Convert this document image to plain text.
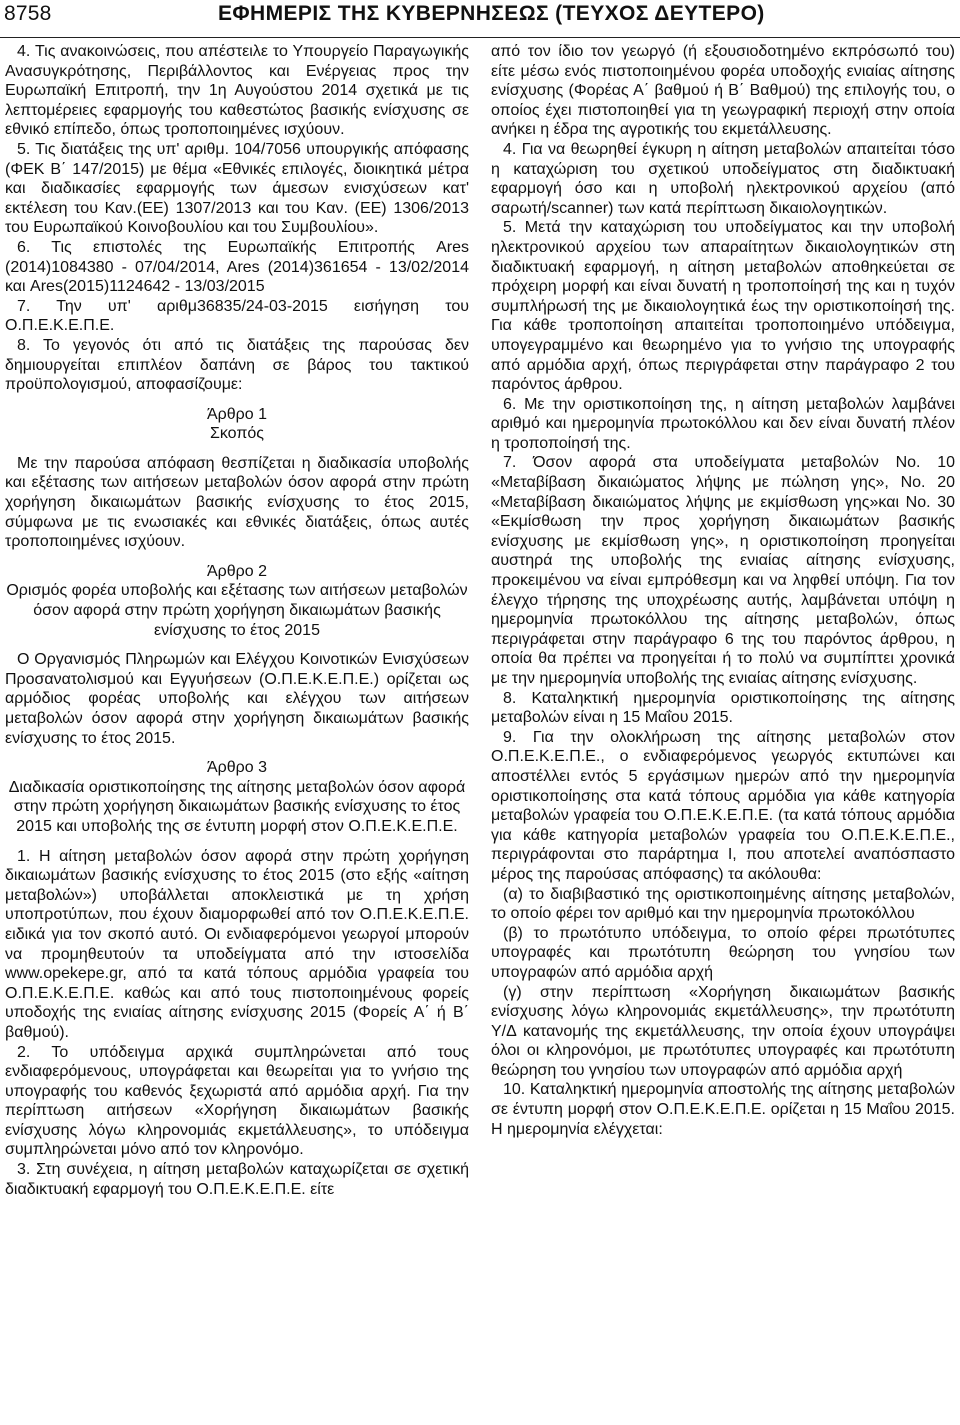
8758	ΕΦΗΜΕΡΙΣ ΤΗΣ ΚΥΒΕΡΝΗΣΕΩΣ (ΤΕΥΧΟΣ ΔΕΥΤΕΡΟ)

4. Τις ανακοινώσεις, που απέστειλε το Υπουργείο Παραγωγικής Ανασυγκρότησης, Περιβάλλοντος και Ενέργειας προς την Ευρωπαϊκή Επιτροπή, την 1η Αυγούστου 2014 σχετικά με τις λεπτομέρειες εφαρμογής του καθεστώτος βασικής ενίσχυσης σε εθνικό επίπεδο, όπως τροποποιημένες ισχύουν.

5. Τις διατάξεις της υπ' αριθμ. 104/7056 υπουργικής απόφασης (ΦΕΚ Β΄ 147/2015) με θέμα «Εθνικές επιλογές, διοικητικά μέτρα και διαδικασίες εφαρμογής των άμεσων ενισχύσεων κατ' εκτέλεση του Καν.(ΕΕ) 1307/2013 και του Καν. (ΕΕ) 1306/2013 του Ευρωπαϊκού Κοινοβουλίου και του Συμβουλίου».

6. Τις επιστολές της Ευρωπαϊκής Επιτροπής Ares (2014)1084380 - 07/04/2014, Ares (2014)361654 - 13/02/2014 και Ares(2015)1124642 - 13/03/2015

7. Την υπ' αριθμ36835/24-03-2015 εισήγηση του Ο.Π.Ε.Κ.Ε.Π.Ε.

8. Το γεγονός ότι από τις διατάξεις της παρούσας δεν δημιουργείται επιπλέον δαπάνη σε βάρος του τακτικού προϋπολογισμού, αποφασίζουμε:

Άρθρο 1

Σκοπός

Με την παρούσα απόφαση θεσπίζεται η διαδικασία υποβολής και εξέτασης των αιτήσεων μεταβολών όσον αφορά στην πρώτη χορήγηση δικαιωμάτων βασικής ενίσχυσης το έτος 2015, σύμφωνα με τις ενωσιακές και εθνικές διατάξεις, όπως αυτές τροποποιημένες ισχύουν.

Άρθρο 2

Ορισμός φορέα υποβολής και εξέτασης των αιτήσεων μεταβολών όσον αφορά στην πρώτη χορήγηση δικαιωμάτων βασικής ενίσχυσης το έτος 2015

Ο Οργανισμός Πληρωμών και Ελέγχου Κοινοτικών Ενισχύσεων Προσανατολισμού και Εγγυήσεων (Ο.Π.Ε.Κ.Ε.Π.Ε.) ορίζεται ως αρμόδιος φορέας υποβολής και ελέγχου των αιτήσεων μεταβολών όσον αφορά στην χορήγηση δικαιωμάτων βασικής ενίσχυσης το έτος 2015.

Άρθρο 3

Διαδικασία οριστικοποίησης της αίτησης μεταβολών όσον αφορά στην πρώτη χορήγηση δικαιωμάτων βασικής ενίσχυσης το έτος 2015 και υποβολής της σε έντυπη μορφή στον Ο.Π.Ε.Κ.Ε.Π.Ε.

1. Η αίτηση μεταβολών όσον αφορά στην πρώτη χορήγηση δικαιωμάτων βασικής ενίσχυσης το έτος 2015 (στο εξής «αίτηση μεταβολών») υποβάλλεται αποκλειστικά με τη χρήση υποπροτύπων, που έχουν διαμορφωθεί από τον Ο.Π.Ε.Κ.Ε.Π.Ε. ειδικά για τον σκοπό αυτό. Οι ενδιαφερόμενοι γεωργοί μπορούν να προμηθευτούν τα υποδείγματα από την ιστοσελίδα www.opekepe.gr, από τα κατά τόπους αρμόδια γραφεία του Ο.Π.Ε.Κ.Ε.Π.Ε. καθώς και από τους πιστοποιημένους φορείς υποδοχής της ενιαίας αίτησης ενίσχυσης 2015 (Φορείς Α΄ ή Β΄ βαθμού).

2. Το υπόδειγμα αρχικά συμπληρώνεται από τους ενδιαφερόμενους, υπογράφεται και θεωρείται για το γνήσιο της υπογραφής του καθενός ξεχωριστά από αρμόδια αρχή. Για την περίπτωση αιτήσεων «Χορήγηση δικαιωμάτων βασικής ενίσχυσης λόγω κληρονομιάς εκμετάλλευσης», το υπόδειγμα συμπληρώνεται μόνο από τον κληρονόμο.

3. Στη συνέχεια, η αίτηση μεταβολών καταχωρίζεται σε σχετική διαδικτυακή εφαρμογή του Ο.Π.Ε.Κ.Ε.Π.Ε. είτε

από τον ίδιο τον γεωργό (ή εξουσιοδοτημένο εκπρόσωπό του) είτε μέσω ενός πιστοποιημένου φορέα υποδοχής ενιαίας αίτησης ενίσχυσης (Φορέας Α΄ βαθμού ή Β΄ Βαθμού) της επιλογής του, ο οποίος έχει πιστοποιηθεί για τη γεωγραφική περιοχή στην οποία ανήκει η έδρα της αγροτικής του εκμετάλλευσης.

4. Για να θεωρηθεί έγκυρη η αίτηση μεταβολών απαιτείται τόσο η καταχώριση του σχετικού υποδείγματος στη διαδικτυακή εφαρμογή όσο και η υποβολή ηλεκτρονικού αρχείου (από σαρωτή/scanner) των κατά περίπτωση δικαιολογητικών.

5. Μετά την καταχώριση του υποδείγματος και την υποβολή ηλεκτρονικού αρχείου των απαραίτητων δικαιολογητικών στη διαδικτυακή εφαρμογή, η αίτηση μεταβολών αποθηκεύεται σε πρόχειρη μορφή και είναι δυνατή η τροποποίησή της και η τυχόν συμπλήρωσή της με δικαιολογητικά έως την οριστικοποίησή της. Για κάθε τροποποίηση απαιτείται τροποποιημένο υπόδειγμα, υπογεγραμμένο και θεωρημένο για το γνήσιο της υπογραφής από αρμόδια αρχή, όπως περιγράφεται στην παράγραφο 2 του παρόντος άρθρου.

6. Με την οριστικοποίηση της, η αίτηση μεταβολών λαμβάνει αριθμό και ημερομηνία πρωτοκόλλου και δεν είναι δυνατή πλέον η τροποποίησή της.

7. Όσον αφορά στα υποδείγματα μεταβολών Νο. 10 «Μεταβίβαση δικαιώματος λήψης με πώληση γης», Νο. 20 «Μεταβίβαση δικαιώματος λήψης με εκμίσθωση γης»και Νο. 30 «Εκμίσθωση την προς χορήγηση δικαιωμάτων βασικής ενίσχυσης με εκμίσθωση γης», η οριστικοποίηση προηγείται αυστηρά της υποβολής της ενιαίας αίτησης ενίσχυσης, προκειμένου να είναι εμπρόθεσμη και να ληφθεί υπόψη. Για τον έλεγχο τήρησης της υποχρέωσης αυτής, λαμβάνεται υπόψη η ημερομηνία πρωτοκόλλου της αίτησης μεταβολών, όπως περιγράφεται στην παράγραφο 6 της του παρόντος άρθρου, η οποία θα πρέπει να προηγείται ή το πολύ να συμπίπτει χρονικά με την ημερομηνία υποβολής της ενιαίας αίτησης ενίσχυσης.

8. Καταληκτική ημερομηνία οριστικοποίησης της αίτησης μεταβολών είναι η 15 Μαΐου 2015.

9. Για την ολοκλήρωση της αίτησης μεταβολών στον Ο.Π.Ε.Κ.Ε.Π.Ε., ο ενδιαφερόμενος γεωργός εκτυπώνει και αποστέλλει εντός 5 εργάσιμων ημερών από την ημερομηνία οριστικοποίησης στα κατά τόπους αρμόδια για κάθε κατηγορία μεταβολών γραφεία του Ο.Π.Ε.Κ.Ε.Π.Ε. (τα κατά τόπους αρμόδια για κάθε κατηγορία μεταβολών γραφεία του Ο.Π.Ε.Κ.Ε.Π.Ε., περιγράφονται στο παράρτημα Ι, που αποτελεί αναπόσπαστο μέρος της παρούσας απόφασης) τα ακόλουθα:

(α) το διαβιβαστικό της οριστικοποιημένης αίτησης μεταβολών, το οποίο φέρει τον αριθμό και την ημερομηνία πρωτοκόλλου

(β) το πρωτότυπο υπόδειγμα, το οποίο φέρει πρωτότυπες υπογραφές και πρωτότυπη θεώρηση του γνησίου των υπογραφών από αρμόδια αρχή

(γ) στην περίπτωση «Χορήγηση δικαιωμάτων βασικής ενίσχυσης λόγω κληρονομιάς εκμετάλλευσης», την πρωτότυπη Υ/Δ κατανομής της εκμετάλλευσης, την οποία έχουν υπογράψει όλοι οι κληρονόμοι, με πρωτότυπες υπογραφές και πρωτότυπη θεώρηση του γνησίου των υπογραφών από αρμόδια αρχή

10. Καταληκτική ημερομηνία αποστολής της αίτησης μεταβολών σε έντυπη μορφή στον Ο.Π.Ε.Κ.Ε.Π.Ε. ορίζεται η 15 Μαΐου 2015. Η ημερομηνία ελέγχεται:
